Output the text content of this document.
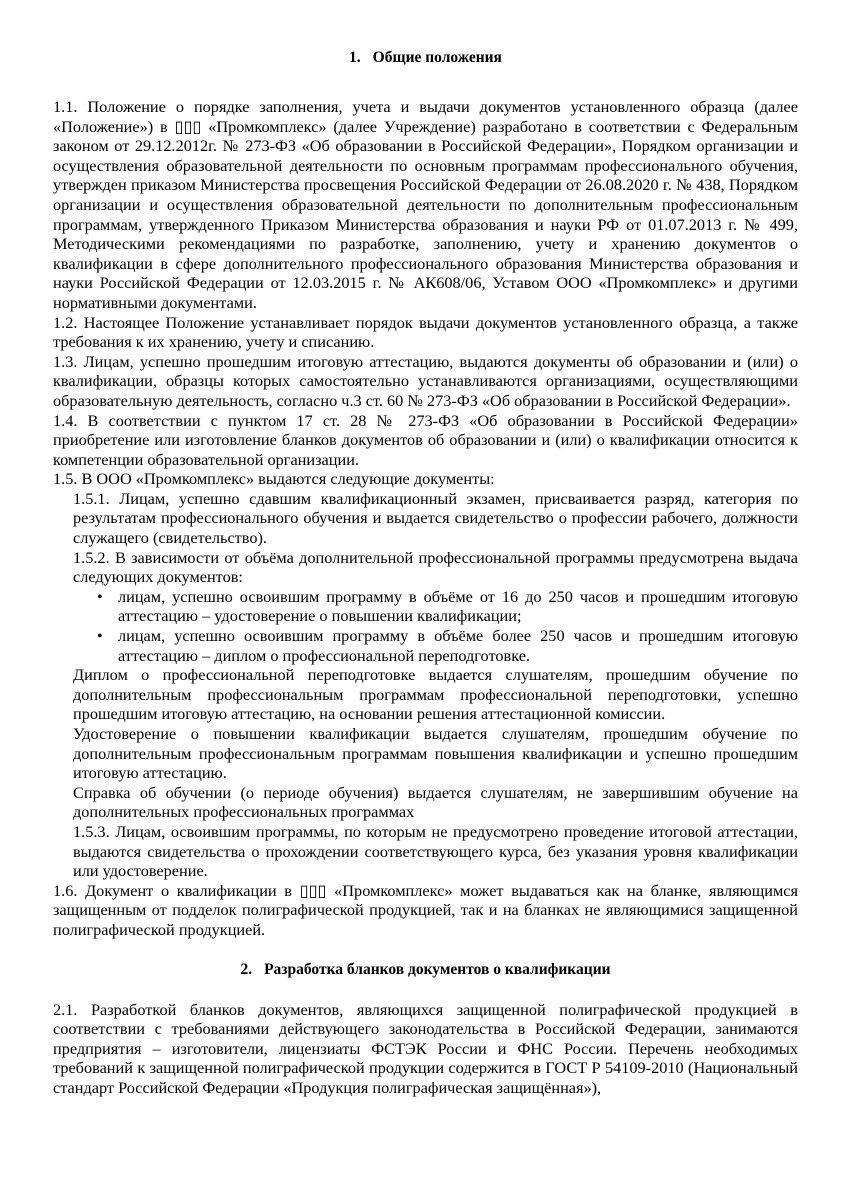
1. Общие положения

1.1. Положение о порядке заполнения, учета и выдачи документов установленного образца (далее «Положение») в ▯▯▯ «Промкомплекс» (далее Учреждение) разработано в соответствии с Федеральным законом от 29.12.2012г. № 273-ФЗ «Об образовании в Российской Федерации», Порядком организации и осуществления образовательной деятельности по основным программам профессионального обучения, утвержден приказом Министерства просвещения Российской Федерации от 26.08.2020 г. № 438, Порядком организации и осуществления образовательной деятельности по дополнительным профессиональным программам, утвержденного Приказом Министерства образования и науки РФ от 01.07.2013 г. № 499, Методическими рекомендациями по разработке, заполнению, учету и хранению документов о квалификации в сфере дополнительного профессионального образования Министерства образования и науки Российской Федерации от 12.03.2015 г. № АК608/06, Уставом ООО «Промкомплекс» и другими нормативными документами.

1.2. Настоящее Положение устанавливает порядок выдачи документов установленного образца, а также требования к их хранению, учету и списанию.

1.3. Лицам, успешно прошедшим итоговую аттестацию, выдаются документы об образовании и (или) о квалификации, образцы которых самостоятельно устанавливаются организациями, осуществляющими образовательную деятельность, согласно ч.3 ст. 60 № 273-ФЗ «Об образовании в Российской Федерации».

1.4. В соответствии с пунктом 17 ст. 28 № 273-ФЗ «Об образовании в Российской Федерации» приобретение или изготовление бланков документов об образовании и (или) о квалификации относится к компетенции образовательной организации.

1.5. В ООО «Промкомплекс» выдаются следующие документы:

1.5.1. Лицам, успешно сдавшим квалификационный экзамен, присваивается разряд, категория по результатам профессионального обучения и выдается свидетельство о профессии рабочего, должности служащего (свидетельство).

1.5.2. В зависимости от объёма дополнительной профессиональной программы предусмотрена выдача следующих документов:

• лицам, успешно освоившим программу в объёме от 16 до 250 часов и прошедшим итоговую аттестацию – удостоверение о повышении квалификации;
• лицам, успешно освоившим программу в объёме более 250 часов и прошедшим итоговую аттестацию – диплом о профессиональной переподготовке.

Диплом о профессиональной переподготовке выдается слушателям, прошедшим обучение по дополнительным профессиональным программам профессиональной переподготовки, успешно прошедшим итоговую аттестацию, на основании решения аттестационной комиссии.

Удостоверение о повышении квалификации выдается слушателям, прошедшим обучение по дополнительным профессиональным программам повышения квалификации и успешно прошедшим итоговую аттестацию.

Справка об обучении (о периоде обучения) выдается слушателям, не завершившим обучение на дополнительных профессиональных программах

1.5.3. Лицам, освоившим программы, по которым не предусмотрено проведение итоговой аттестации, выдаются свидетельства о прохождении соответствующего курса, без указания уровня квалификации или удостоверение.

1.6. Документ о квалификации в ▯▯▯ «Промкомплекс» может выдаваться как на бланке, являющимся защищенным от подделок полиграфической продукцией, так и на бланках не являющимися защищенной полиграфической продукцией.

2. Разработка бланков документов о квалификации

2.1. Разработкой бланков документов, являющихся защищенной полиграфической продукцией в соответствии с требованиями действующего законодательства в Российской Федерации, занимаются предприятия – изготовители, лицензиаты ФСТЭК России и ФНС России. Перечень необходимых требований к защищенной полиграфической продукции содержится в ГОСТ Р 54109-2010 (Национальный стандарт Российской Федерации «Продукция полиграфическая защищённая»),
